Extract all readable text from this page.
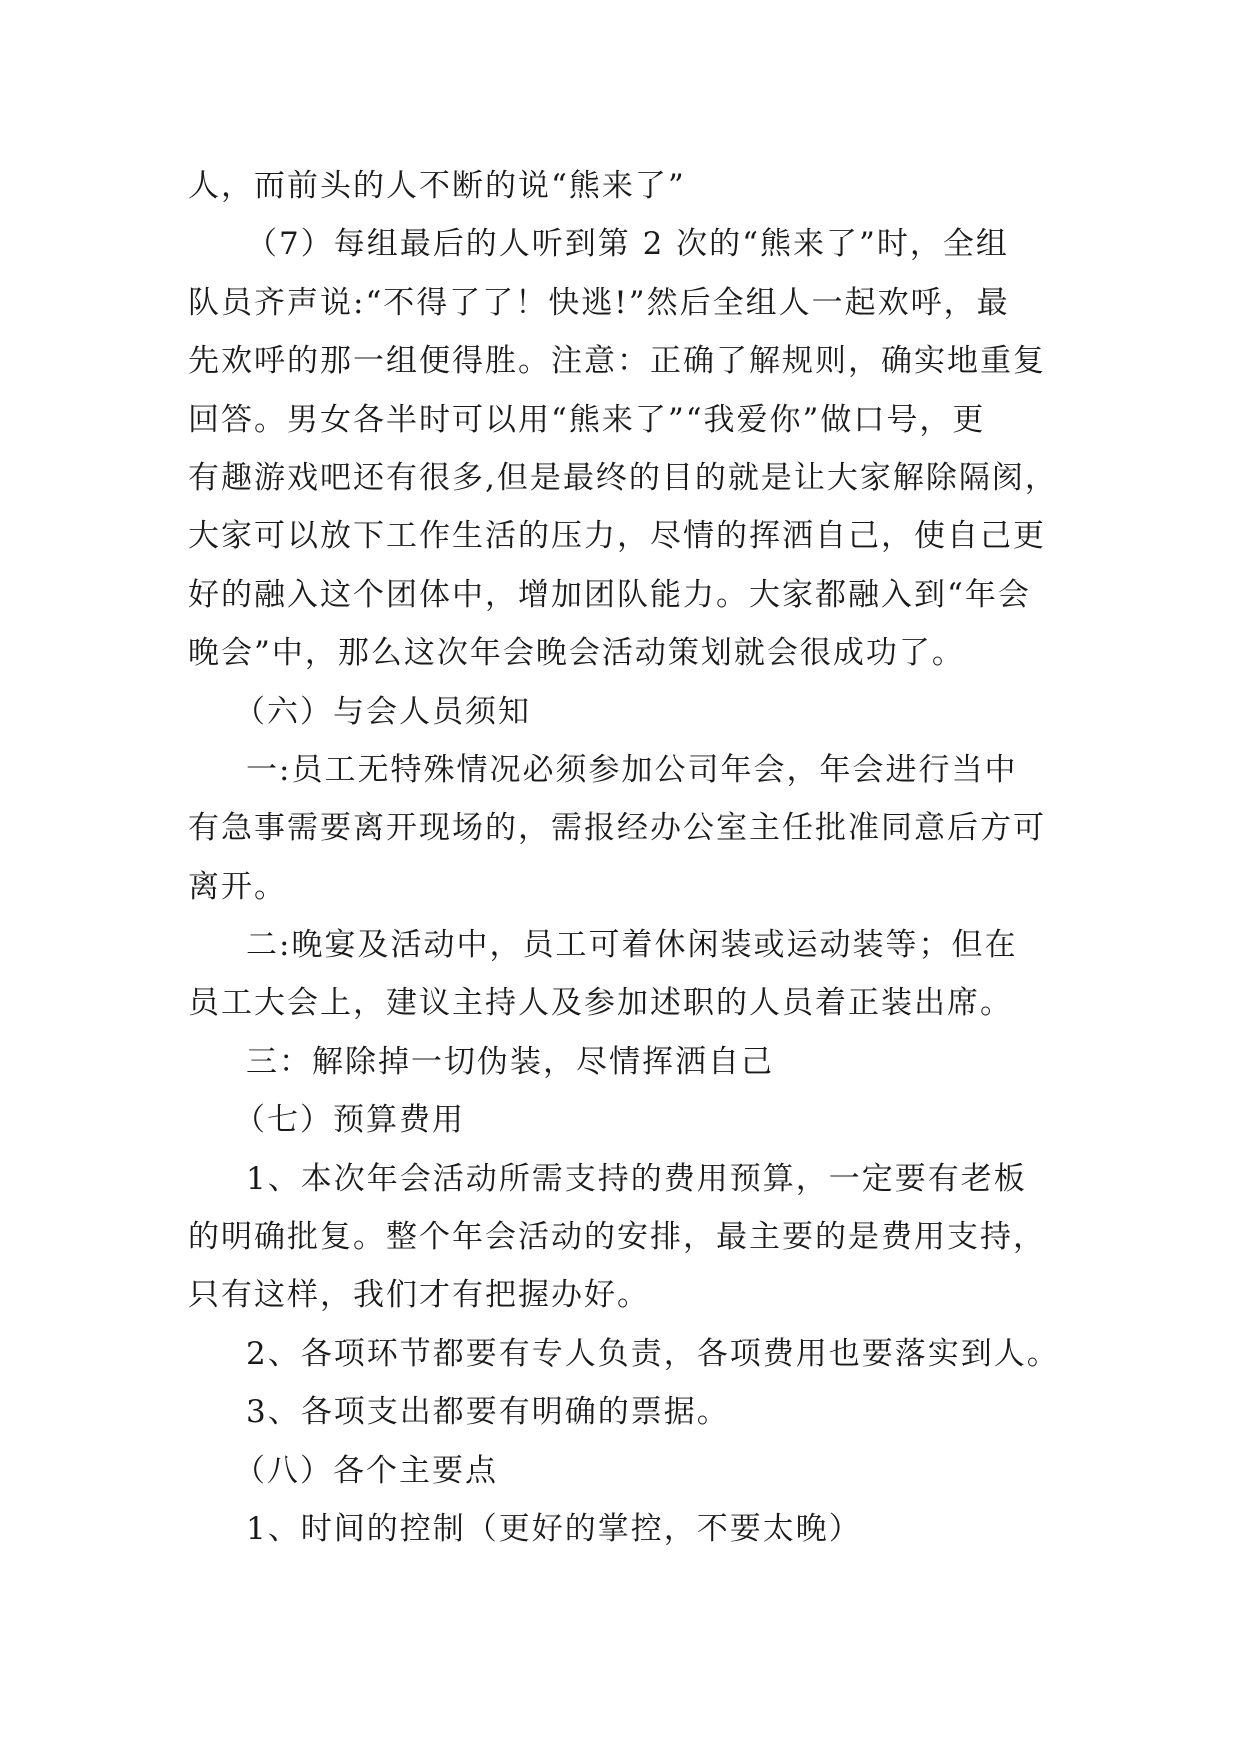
人，而前头的人不断的说“熊来了”
（7）每组最后的人听到第 2 次的“熊来了”时，全组
队员齐声说:“不得了了！快逃!”然后全组人一起欢呼，最
先欢呼的那一组便得胜。注意：正确了解规则，确实地重复
回答。男女各半时可以用“熊来了”“我爱你”做口号，更
有趣游戏吧还有很多,但是最终的目的就是让大家解除隔阂，
大家可以放下工作生活的压力，尽情的挥洒自己，使自己更
好的融入这个团体中，增加团队能力。大家都融入到“年会
晚会”中，那么这次年会晚会活动策划就会很成功了。
（六）与会人员须知
一:员工无特殊情况必须参加公司年会，年会进行当中
有急事需要离开现场的，需报经办公室主任批准同意后方可
离开。
二:晚宴及活动中，员工可着休闲装或运动装等；但在
员工大会上，建议主持人及参加述职的人员着正装出席。
三：解除掉一切伪装，尽情挥洒自己
（七）预算费用
1、本次年会活动所需支持的费用预算，一定要有老板
的明确批复。整个年会活动的安排，最主要的是费用支持，
只有这样，我们才有把握办好。
2、各项环节都要有专人负责，各项费用也要落实到人。
3、各项支出都要有明确的票据。
（八）各个主要点
1、时间的控制（更好的掌控，不要太晚）
